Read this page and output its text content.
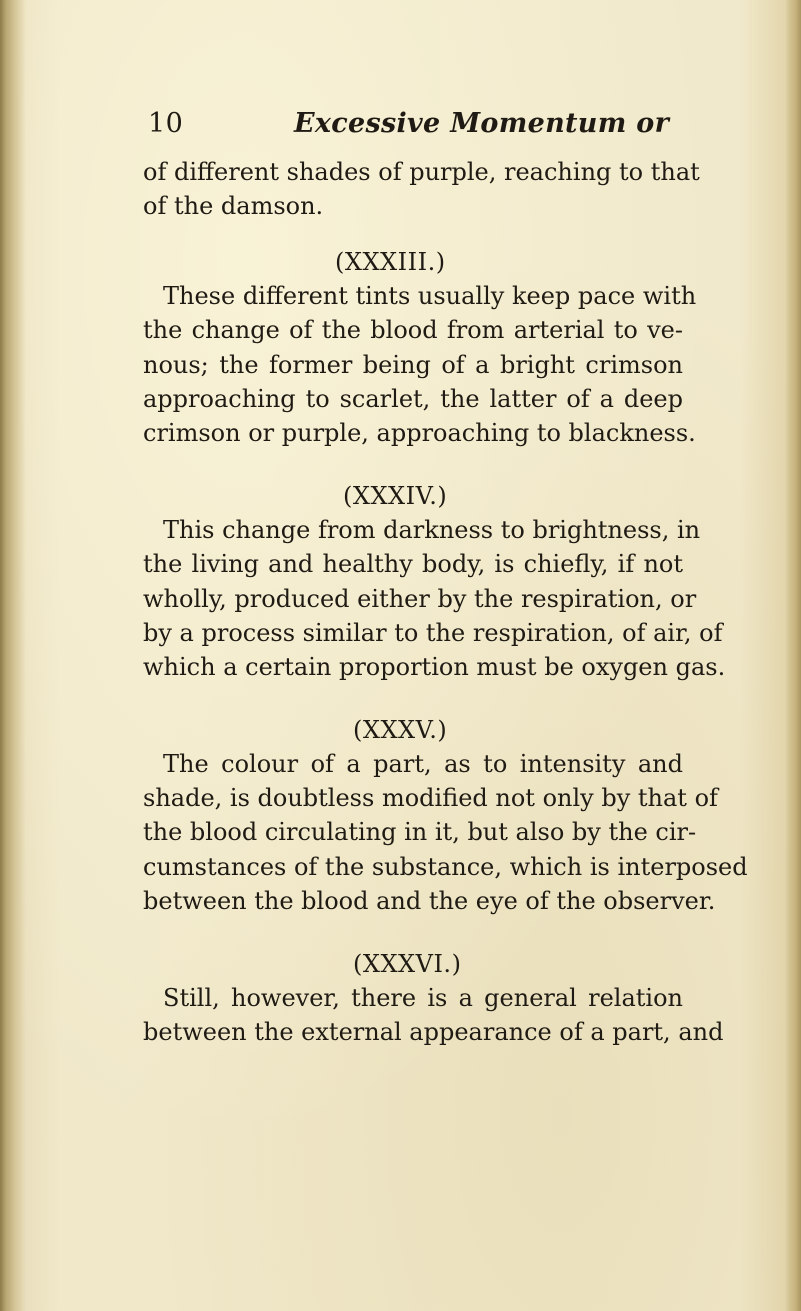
10	Excessive Momentum or
of different shades of purple, reaching to that
of the damson.
(XXXIII.)
These different tints usually keep pace with
the change of the blood from arterial to ve-
nous; the former being of a bright crimson
approaching to scarlet, the latter of a deep
crimson or purple, approaching to blackness.
(XXXIV.)
This change from darkness to brightness, in
the living and healthy body, is chiefly, if not
wholly, produced either by the respiration, or
by a process similar to the respiration, of air, of
which a certain proportion must be oxygen gas.
(XXXV.)
The colour of a part, as to intensity and
shade, is doubtless modified not only by that of
the blood circulating in it, but also by the cir-
cumstances of the substance, which is interposed
between the blood and the eye of the observer.
(XXXVI.)
Still, however, there is a general relation
between the external appearance of a part, and
